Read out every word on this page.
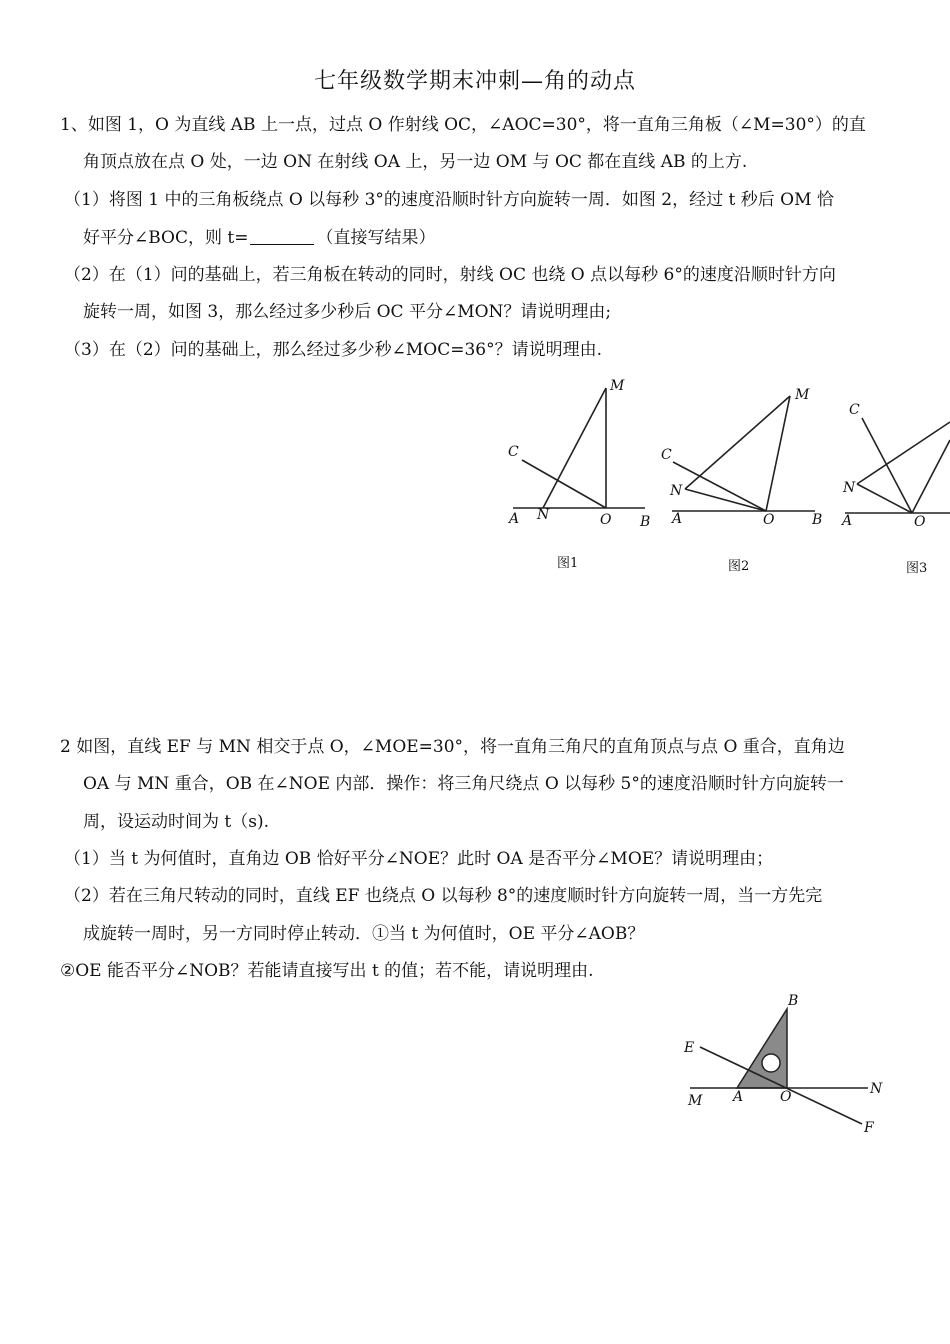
七年级数学期末冲刺—角的动点
1、如图 1，O 为直线 AB 上一点，过点 O 作射线 OC，∠AOC=30°，将一直角三角板（∠M=30°）的直
角顶点放在点 O 处，一边 ON 在射线 OA 上，另一边 OM 与 OC 都在直线 AB 的上方.
（1）将图 1 中的三角板绕点 O 以每秒 3°的速度沿顺时针方向旋转一周．如图 2，经过 t 秒后 OM 恰
好平分∠BOC，则 t=	（直接写结果）
（2）在（1）问的基础上，若三角板在转动的同时，射线 OC 也绕 O 点以每秒 6°的速度沿顺时针方向
旋转一周，如图 3，那么经过多少秒后 OC 平分∠MON？请说明理由;
（3）在（2）问的基础上，那么经过多少秒∠MOC=36°？请说明理由.
A N	O B
C
M
A
N
O	B
C
M
A
N
O
C
图1	图2	图3
2 如图，直线 EF 与 MN 相交于点 O，∠MOE=30°，将一直角三角尺的直角顶点与点 O 重合，直角边
OA 与 MN 重合，OB 在∠NOE 内部．操作：将三角尺绕点 O 以每秒 5°的速度沿顺时针方向旋转一
周，设运动时间为 t（s).
（1）当 t 为何值时，直角边 OB 恰好平分∠NOE？此时 OA 是否平分∠MOE？请说明理由；
（2）若在三角尺转动的同时，直线 EF 也绕点 O 以每秒 8°的速度顺时针方向旋转一周，当一方先完
成旋转一周时，另一方同时停止转动．①当 t 为何值时，OE 平分∠AOB？
②OE 能否平分∠NOB？若能请直接写出 t 的值；若不能，请说明理由.
B
E
N
M A	O
F
